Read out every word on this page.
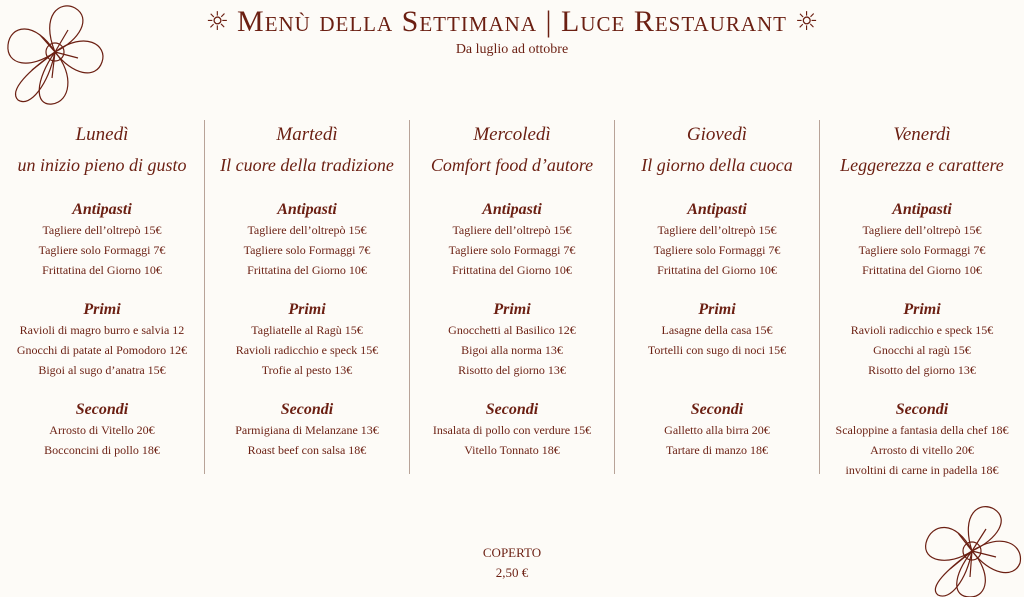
☼ Menù della Settimana | Luce Restaurant ☼
Da luglio ad ottobre
Lunedì
un inizio pieno di gusto
Antipasti
Tagliere dell’oltrepò 15€
Tagliere solo Formaggi 7€
Frittatina del Giorno 10€
Primi
Ravioli di magro burro e salvia 12
Gnocchi di patate al Pomodoro 12€
Bigoi al sugo d’anatra 15€
Secondi
Arrosto di Vitello 20€
Bocconcini di pollo 18€
Martedì
Il cuore della tradizione
Antipasti
Tagliere dell’oltrepò 15€
Tagliere solo Formaggi 7€
Frittatina del Giorno 10€
Primi
Tagliatelle al Ragù 15€
Ravioli radicchio e speck 15€
Trofie al pesto 13€
Secondi
Parmigiana di Melanzane 13€
Roast beef con salsa 18€
Mercoledì
Comfort food d’autore
Antipasti
Tagliere dell’oltrepò 15€
Tagliere solo Formaggi 7€
Frittatina del Giorno 10€
Primi
Gnocchetti al Basilico 12€
Bigoi alla norma 13€
Risotto del giorno 13€
Secondi
Insalata di pollo con verdure 15€
Vitello Tonnato 18€
Giovedì
Il giorno della cuoca
Antipasti
Tagliere dell’oltrepò 15€
Tagliere solo Formaggi 7€
Frittatina del Giorno 10€
Primi
Lasagne della casa 15€
Tortelli con sugo di noci 15€
Secondi
Galletto alla birra 20€
Tartare di manzo 18€
Venerdì
Leggerezza e carattere
Antipasti
Tagliere dell’oltrepò 15€
Tagliere solo Formaggi 7€
Frittatina del Giorno 10€
Primi
Ravioli radicchio e speck 15€
Gnocchi al ragù 15€
Risotto del giorno 13€
Secondi
Scaloppine a fantasia della chef 18€
Arrosto di vitello 20€
involtini di carne in padella 18€
COPERTO
2,50 €
